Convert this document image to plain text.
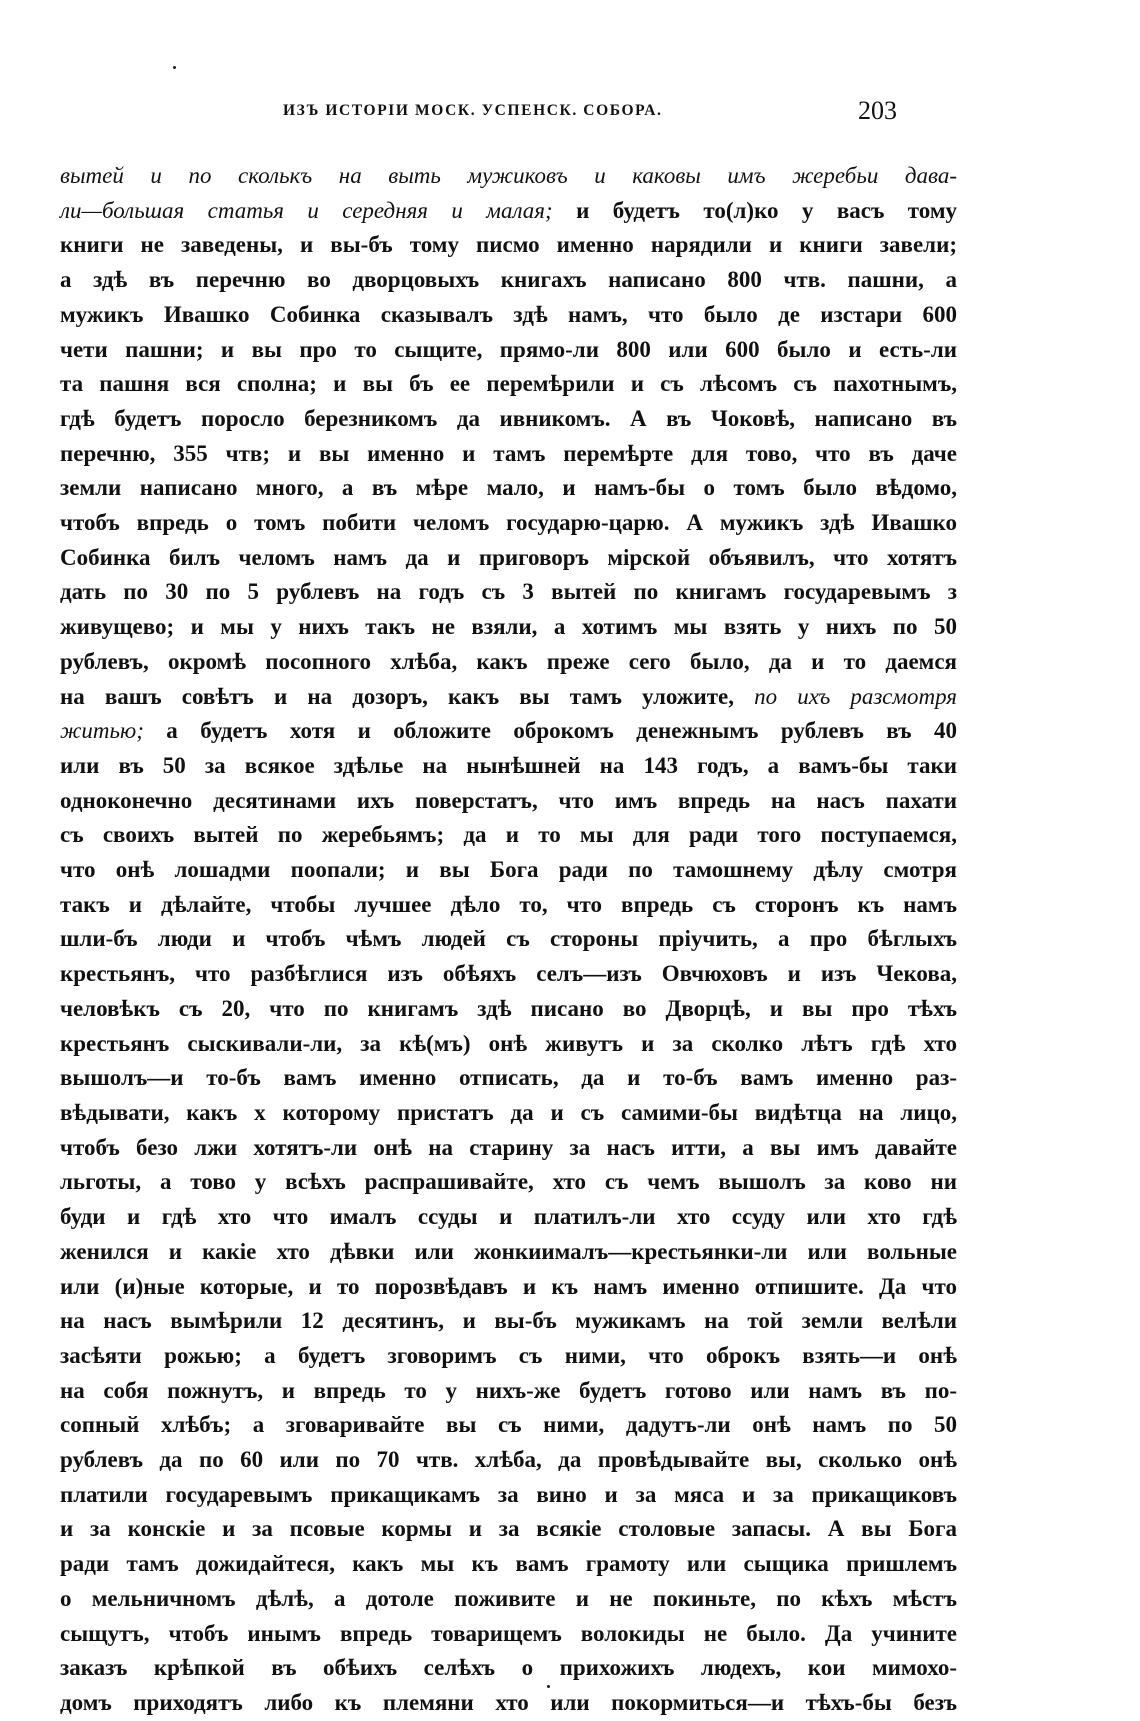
ИЗЪ ИСТОРІИ МОСК. УСПЕНСК. СОБОРА.	203
вытей и по сколькъ на выть мужиковъ и каковы имъ жеребьи дава-
ли—большая статья и середняя и малая; и будетъ то(л)ко у васъ тому
книги не заведены, и вы-бъ тому писмо именно нарядили и книги завели;
а здѣ въ перечню во дворцовыхъ книгахъ написано 800 чтв. пашни, а
мужикъ Ивашко Собинка сказывалъ здѣ намъ, что было де изстари 600
чети пашни; и вы про то сыщите, прямо-ли 800 или 600 было и есть-ли
та пашня вся сполна; и вы бъ ее перемѣрили и съ лѣсомъ съ пахотнымъ,
гдѣ будетъ поросло березникомъ да ивникомъ. А въ Чоковѣ, написано въ
перечню, 355 чтв; и вы именно и тамъ перемѣрте для тово, что въ даче
земли написано много, а въ мѣре мало, и намъ-бы о томъ было вѣдомо,
чтобъ впредь о томъ побити челомъ государю-царю. А мужикъ здѣ Ивашко
Собинка билъ челомъ намъ да и приговоръ мірской объявилъ, что хотятъ
дать по 30 по 5 рублевъ на годъ съ 3 вытей по книгамъ государевымъ з
живущево; и мы у нихъ такъ не взяли, а хотимъ мы взять у нихъ по 50
рублевъ, окромѣ посопного хлѣба, какъ преже сего было, да и то даемся
на вашъ совѣтъ и на дозоръ, какъ вы тамъ уложите, по ихъ разсмотря
житью; а будетъ хотя и обложите оброкомъ денежнымъ рублевъ въ 40
или въ 50 за всякое здѣлье на нынѣшней на 143 годъ, а вамъ-бы таки
одноконечно десятинами ихъ поверстатъ, что имъ впредь на насъ пахати
съ своихъ вытей по жеребьямъ; да и то мы для ради того поступаемся,
что онѣ лошадми поопали; и вы Бога ради по тамошнему дѣлу смотря
такъ и дѣлайте, чтобы лучшее дѣло то, что впредь съ сторонъ къ намъ
шли-бъ люди и чтобъ чѣмъ людей съ стороны пріучить, а про бѣглыхъ
крестьянъ, что разбѣглися изъ обѣяхъ селъ—изъ Овчюховъ и изъ Чекова,
человѣкъ съ 20, что по книгамъ здѣ писано во Дворцѣ, и вы про тѣхъ
крестьянъ сыскивали-ли, за кѣ(мъ) онѣ живутъ и за сколко лѣтъ гдѣ хто
вышолъ—и то-бъ вамъ именно отписать, да и то-бъ вамъ именно раз-
вѣдывати, какъ х которому пристатъ да и съ самими-бы видѣтца на лицо,
чтобъ безо лжи хотятъ-ли онѣ на старину за насъ итти, а вы имъ давайте
льготы, а тово у всѣхъ распрашивайте, хто съ чемъ вышолъ за ково ни
буди и гдѣ хто что ималъ ссуды и платилъ-ли хто ссуду или хто гдѣ
женился и какіе хто дѣвки или жонкиималъ—крестьянки-ли или вольные
или (и)ные которые, и то порозвѣдавъ и къ намъ именно отпишите. Да что
на насъ вымѣрили 12 десятинъ, и вы-бъ мужикамъ на той земли велѣли
засѣяти рожью; а будетъ зговоримъ съ ними, что оброкъ взять—и онѣ
на собя пожнутъ, и впредь то у нихъ-же будетъ готово или намъ въ по-
сопный хлѣбъ; а зговаривайте вы съ ними, дадутъ-ли онѣ намъ по 50
рублевъ да по 60 или по 70 чтв. хлѣба, да провѣдывайте вы, сколько онѣ
платили государевымъ прикащикамъ за вино и за мяса и за прикащиковъ
и за конскіе и за псовые кормы и за всякіе столовые запасы. А вы Бога
ради тамъ дожидайтеся, какъ мы къ вамъ грамоту или сыщика пришлемъ
о мельничномъ дѣлѣ, а дотоле поживите и не покиньте, по кѣхъ мѣстъ
сыщутъ, чтобъ инымъ впредь товарищемъ волокиды не было. Да учините
заказъ крѣпкой въ обѣихъ селѣхъ о прихожихъ людехъ, кои мимохо-
домъ приходятъ либо къ племяни хто или покормиться—и тѣхъ-бы безъ
